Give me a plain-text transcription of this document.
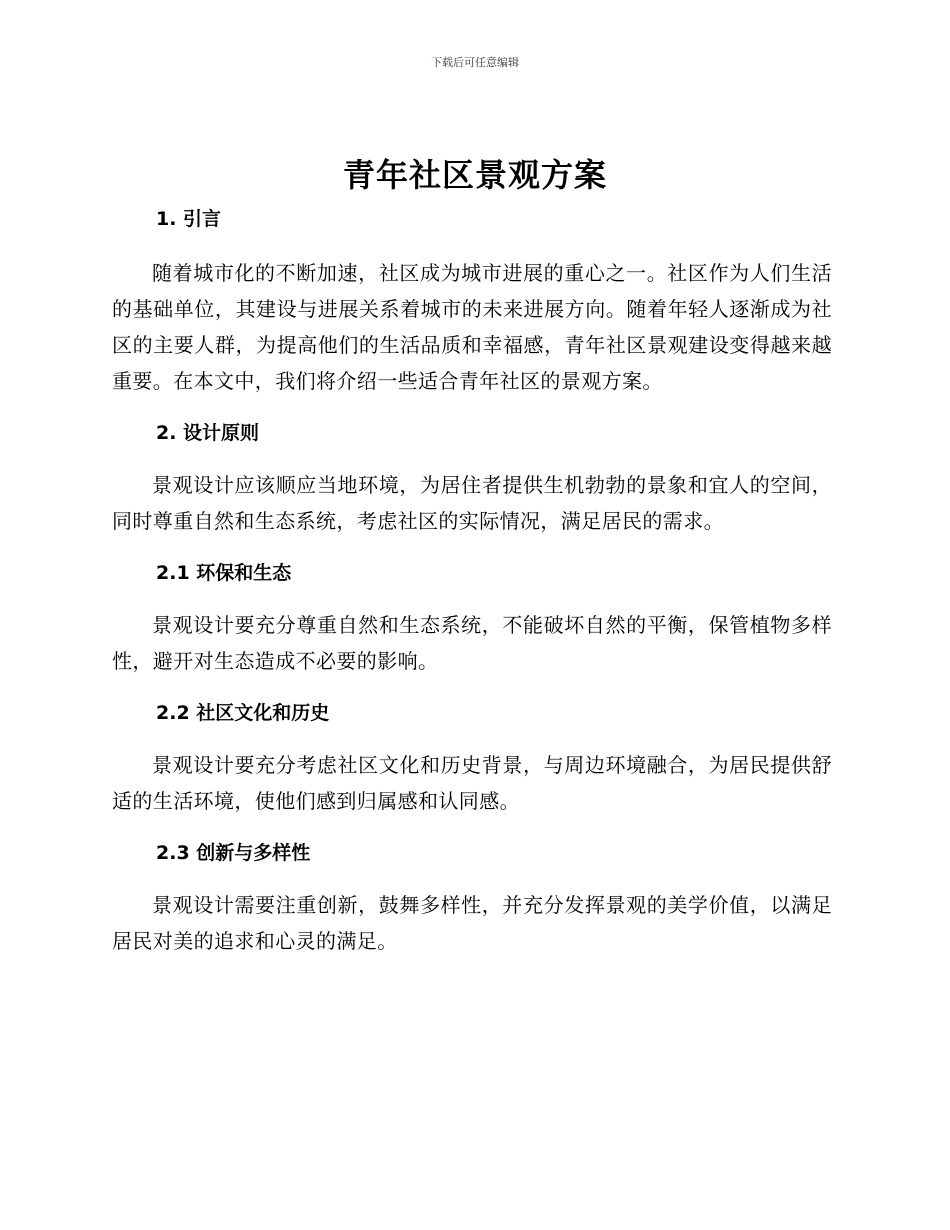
下载后可任意编辑
青年社区景观方案
1. 引言

随着城市化的不断加速，社区成为城市进展的重心之一。社区作为人们生活的基础单位，其建设与进展关系着城市的未来进展方向。随着年轻人逐渐成为社区的主要人群，为提高他们的生活品质和幸福感，青年社区景观建设变得越来越重要。在本文中，我们将介绍一些适合青年社区的景观方案。

2. 设计原则

景观设计应该顺应当地环境，为居住者提供生机勃勃的景象和宜人的空间，同时尊重自然和生态系统，考虑社区的实际情况，满足居民的需求。

2.1 环保和生态

景观设计要充分尊重自然和生态系统，不能破坏自然的平衡，保管植物多样性，避开对生态造成不必要的影响。

2.2 社区文化和历史

景观设计要充分考虑社区文化和历史背景，与周边环境融合，为居民提供舒适的生活环境，使他们感到归属感和认同感。

2.3 创新与多样性

景观设计需要注重创新，鼓舞多样性，并充分发挥景观的美学价值，以满足居民对美的追求和心灵的满足。
